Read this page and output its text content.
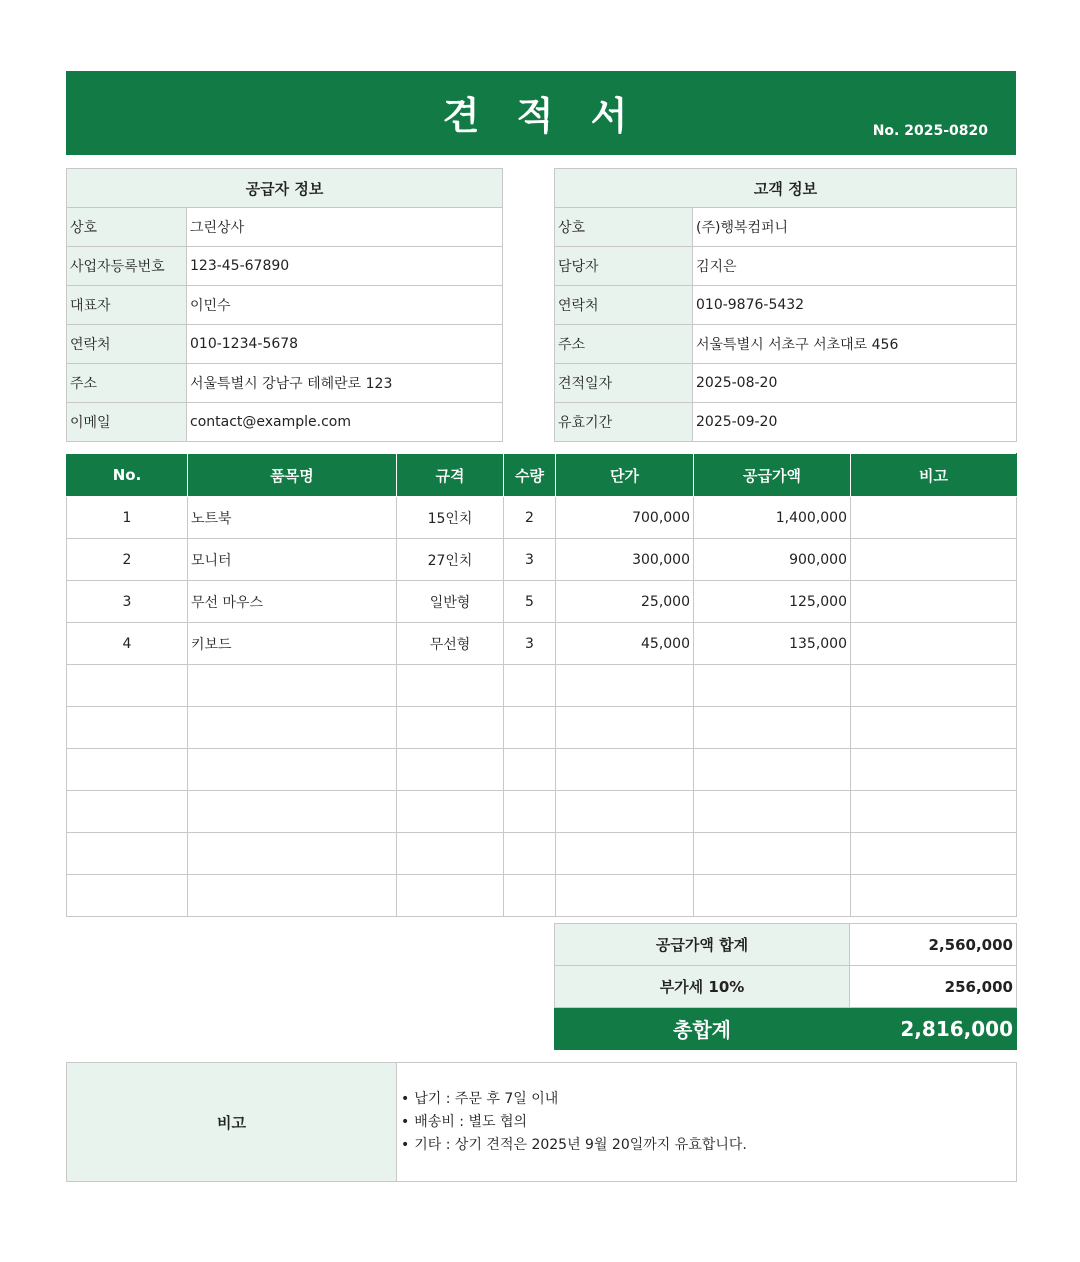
견 적 서	No. 2025-0820
공급자 정보	
상호	그린상사
사업자등록번호	123-45-67890
대표자	이민수
연락처	010-1234-5678
주소	서울특별시 강남구 테헤란로 123
이메일	contact@example.com
고객 정보	
상호	(주)행복컴퍼니
담당자	김지은
연락처	010-9876-5432
주소	서울특별시 서초구 서초대로 456
견적일자	2025-08-20
유효기간	2025-09-20
No.	품목명	규격	수량	단가	공급가액	비고
1	노트북	15인치	2	700,000	1,400,000	
2	모니터	27인치	3	300,000	900,000	
3	무선 마우스	일반형	5	25,000	125,000	
4	키보드	무선형	3	45,000	135,000	

공급가액 합계	2,560,000
부가세 10%	256,000
총합계	2,816,000
비고	
• 납기 : 주문 후 7일 이내
• 배송비 : 별도 협의
• 기타 : 상기 견적은 2025년 9월 20일까지 유효합니다.
